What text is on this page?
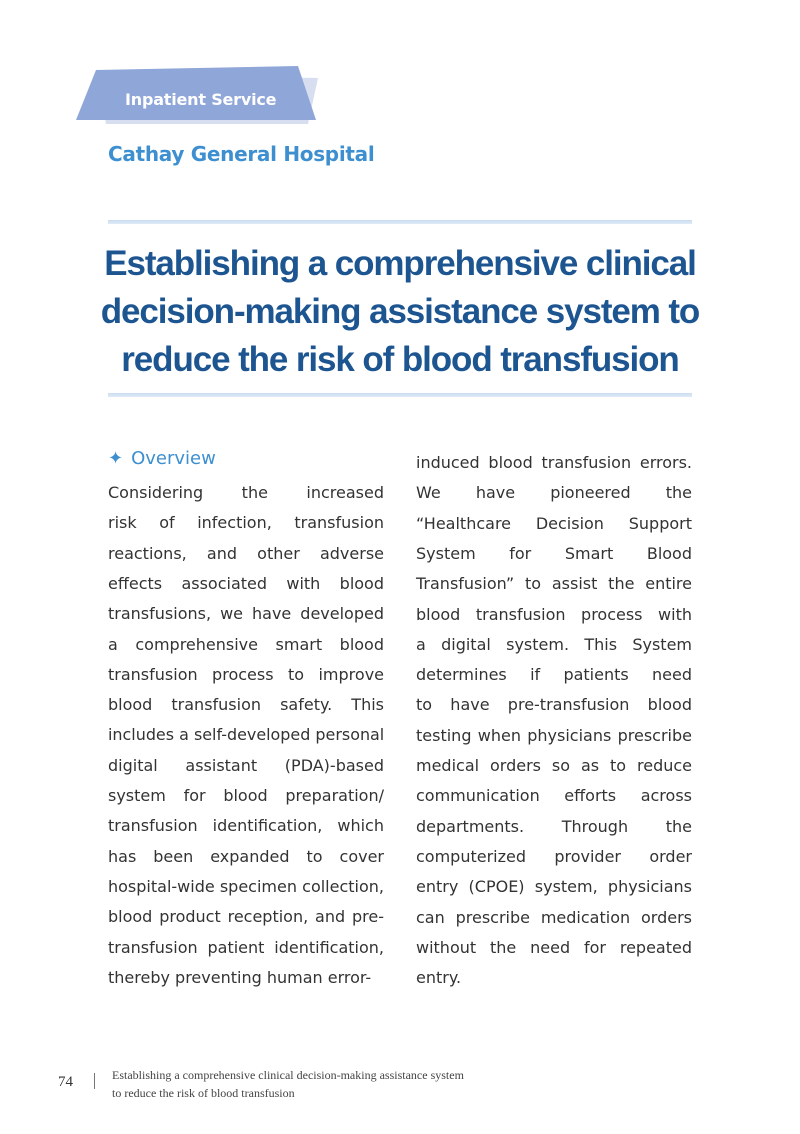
Inpatient Service
Cathay General Hospital
Establishing a comprehensive clinical
decision-making assistance system to
reduce the risk of blood transfusion
✦ Overview
Considering the increased
risk of infection, transfusion
reactions, and other adverse
effects associated with blood
transfusions, we have developed
a comprehensive smart blood
transfusion process to improve
blood transfusion safety. This
includes a self-developed personal
digital assistant (PDA)-based
system for blood preparation/
transfusion identification, which
has been expanded to cover
hospital-wide specimen collection,
blood product reception, and pre-
transfusion patient identification,
thereby preventing human error-
induced blood transfusion errors.
We have pioneered the
“Healthcare Decision Support
System for Smart Blood
Transfusion” to assist the entire
blood transfusion process with
a digital system. This System
determines if patients need
to have pre-transfusion blood
testing when physicians prescribe
medical orders so as to reduce
communication efforts across
departments. Through the
computerized provider order
entry (CPOE) system, physicians
can prescribe medication orders
without the need for repeated
entry.
74	Establishing a comprehensive clinical decision-making assistance system
to reduce the risk of blood transfusion
